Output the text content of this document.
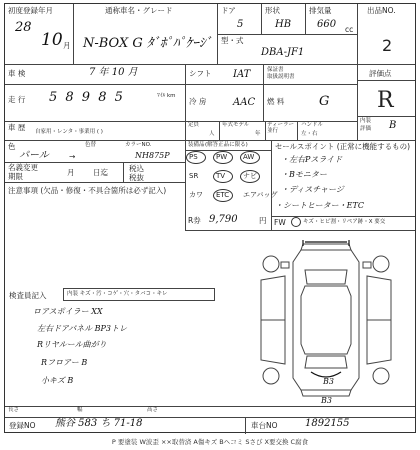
初度登録年月
28
10 月
通称車名・グレード
N-BOX G ﾀﾞﾎﾟﾊﾟｹｰｼﾞ
ドア
5
形状
HB
排気量
660 cc
型・式
DBA-JF1
出品NO.
2
車 検	7 年 10 月	シフト IAT	評価点
R
走 行 5 8 9 8 5	ﾏｲﾙ km
冷 房	AAC 燃 料	G
保証書
取扱説明書
車 歴 自家用・レンタ・事業用 ( )
定員
人
年式モデル
年
ディーラー並行
ハンドル
左・右
内装
評価 B
色
パール	→
色替	カラーNO.
NH875P
名義変更
期限	月 日迄	税込
税抜
注意事項 (欠品・修復・不具合箇所は必ず記入)
装備品 (解答正品に限る)
PS	PW AW
SR	TV	ナビ
カワ ETC エアバッグ
R券 9,790	円
セールスポイント (正常に機能するもの)
・左右Pスライド
・Bモニター
・ディスチャージ
・シートヒーター・ETC
FW	キズ・ヒビ割・リペア跡・X 要交
検査員記入	内装 キズ・汚・コゲ・穴・タバコ・キレ
ロアスポイラー XX
左右ドアパネル BP3トレ
Rリヤルール曲がり
Rフロアー B
小キズ B	B3
B3
長さ	幅	高さ
登録NO 熊谷 583 ち 71-18	車台NO	1892155
P 要塗装 W波歪 ××取替済 A傷キズ Bヘコミ Sさび X要交換 C腐食
